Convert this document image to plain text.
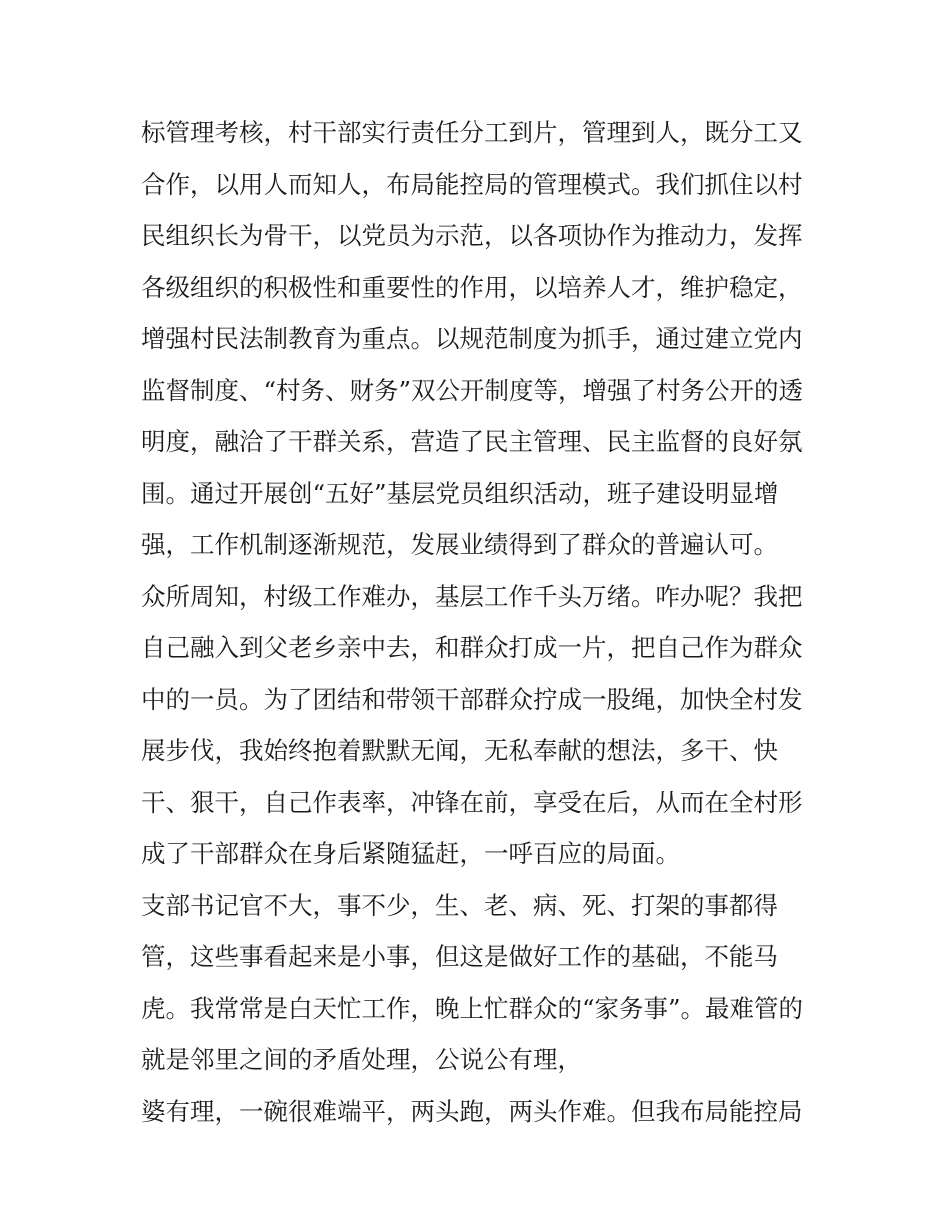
标管理考核，村干部实行责任分工到片，管理到人，既分工又
合作，以用人而知人，布局能控局的管理模式。我们抓住以村
民组织长为骨干，以党员为示范，以各项协作为推动力，发挥
各级组织的积极性和重要性的作用，以培养人才，维护稳定，
增强村民法制教育为重点。以规范制度为抓手，通过建立党内
监督制度、“村务、财务”双公开制度等，增强了村务公开的透
明度，融洽了干群关系，营造了民主管理、民主监督的良好氛
围。通过开展创“五好”基层党员组织活动，班子建设明显增
强，工作机制逐渐规范，发展业绩得到了群众的普遍认可。
众所周知，村级工作难办，基层工作千头万绪。咋办呢？我把
自己融入到父老乡亲中去，和群众打成一片，把自己作为群众
中的一员。为了团结和带领干部群众拧成一股绳，加快全村发
展步伐，我始终抱着默默无闻，无私奉献的想法，多干、快
干、狠干，自己作表率，冲锋在前，享受在后，从而在全村形
成了干部群众在身后紧随猛赶，一呼百应的局面。
支部书记官不大，事不少，生、老、病、死、打架的事都得
管，这些事看起来是小事，但这是做好工作的基础，不能马
虎。我常常是白天忙工作，晚上忙群众的“家务事”。最难管的
就是邻里之间的矛盾处理，公说公有理，
婆有理，一碗很难端平，两头跑，两头作难。但我布局能控局
